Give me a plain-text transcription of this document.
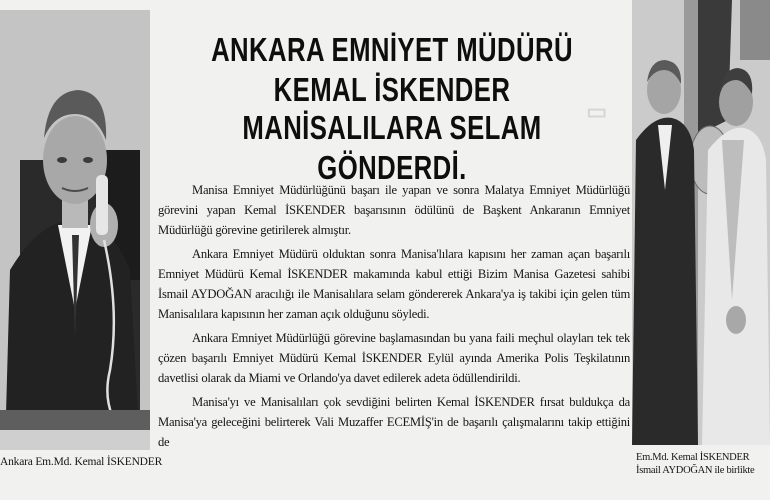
▯
Ankara Em.Md. Kemal İSKENDER
ANKARA EMNİYET MÜDÜRÜ KEMAL İSKENDER
MANİSALILARA SELAM GÖNDERDİ.

Manisa Emniyet Müdürlüğünü başarı ile yapan ve sonra Malatya Emniyet Müdürlüğü görevini yapan Kemal İSKENDER başarısının ödülünü de Başkent Ankaranın Emniyet Müdürlüğü görevine getirilerek almıştır.

Ankara Emniyet Müdürü olduktan sonra Manisa'lılara kapısını her zaman açan başarılı Emniyet Müdürü Kemal İSKENDER makamında kabul ettiği Bizim Manisa Gazetesi sahibi İsmail AYDOĞAN aracılığı ile Manisalılara selam göndererek Ankara'ya iş takibi için gelen tüm Manisalılara kapısının her zaman açık olduğunu söyledi.

Ankara Emniyet Müdürlüğü görevine başlamasından bu yana faili meçhul olayları tek tek çözen başarılı Emniyet Müdürü Kemal İSKENDER Eylül ayında Amerika Polis Teşkilatının davetlisi olarak da Miami ve Orlando'ya davet edilerek adeta ödüllendirildi.

Manisa'yı ve Manisalıları çok sevdiğini belirten Kemal İSKENDER fırsat buldukça da Manisa'ya geleceğini belirterek Vali Muzaffer ECEMİŞ'in de başarılı çalışmalarını takip ettiğini de

Em.Md. Kemal İSKENDER
İsmail AYDOĞAN ile birlikte
